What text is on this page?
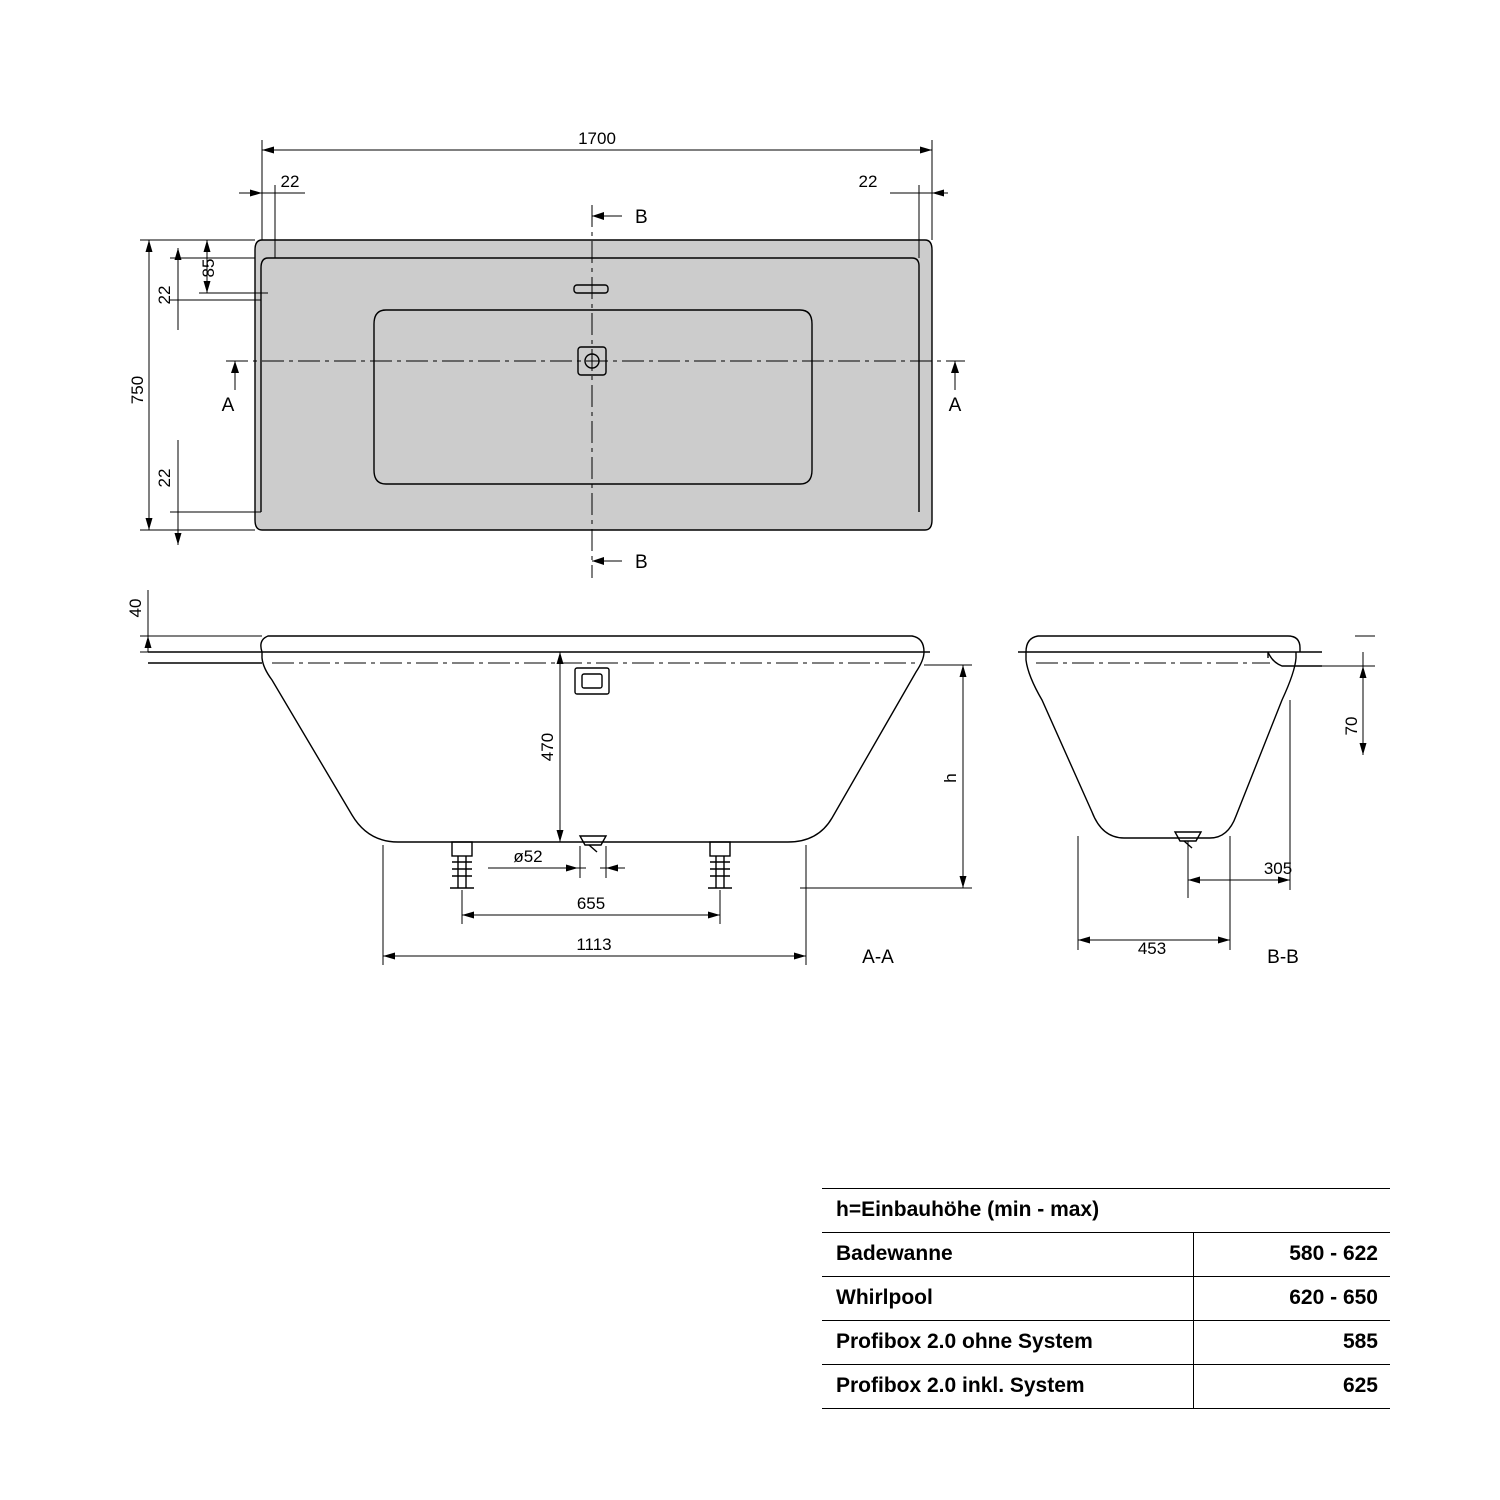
1700
22	22
85
22
750
22
B
B
A	A
40
470
h
ø52
655
1113
A-A
70
305
453	B-B
h=Einbauhöhe (min - max)	
Badewanne	580 - 622
Whirlpool	620 - 650
Profibox 2.0 ohne System	585
Profibox 2.0 inkl. System	625
